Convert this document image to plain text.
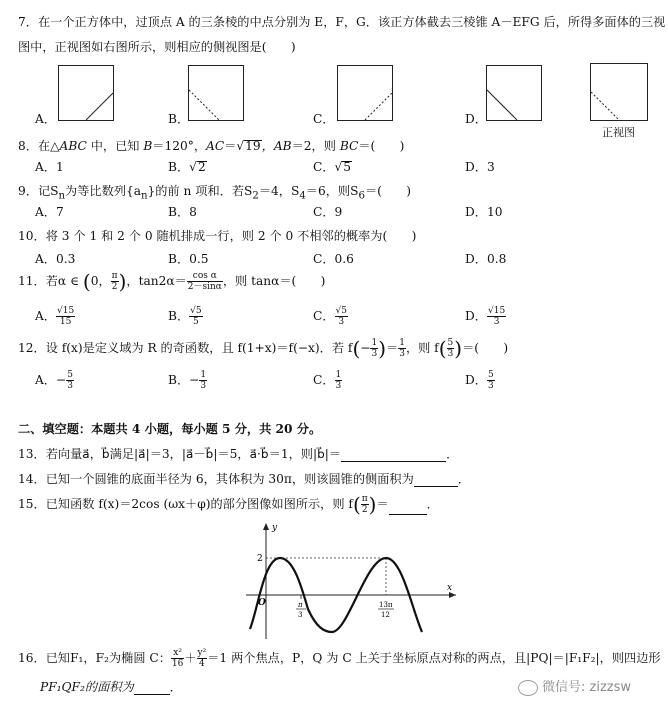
7．在一个正方体中，过顶点 A 的三条棱的中点分别为 E，F，G．该正方体截去三棱锥 A－EFG 后，所得多面体的三视
图中，正视图如右图所示，则相应的侧视图是(　　)
A．	B．	C．	D．
正视图
8．在△ABC 中，已知 B＝120°，AC＝√19，AB＝2，则 BC＝(　　)
A．1	B．√2	C．√5	D．3
9．记$S_n$为等比数列$\{a_n\}$的前 n 项和．若$S_2=4$，$S_4=6$，则$S_6=$(　　)
A．7	B．8	C．9	D．10
10．将 3 个 1 和 2 个 0 随机排成一行，则 2 个 0 不相邻的概率为(　　)
A．0.3	B．0.5	C．0.6	D．0.8
11．若α ∈ (0， $\frac{\pi}{2}$ )，$\tan 2\alpha= \frac{\text{cos α}}{2-\sin\alpha}$ ，则 tanα＝(　　)
A． $\frac{√15}{15}$	B． $\frac{√5}{5}$	C． $\frac{√5}{3}$	D． $\frac{√15}{3}$
12．设 f(x)是定义域为 R 的奇函数，且 f(1+x)＝f(−x)．若 $f(- \frac{1}{3}$ )＝ $\frac{1}{3}$ ，则 $f( \frac{5}{3}$ )＝(　　)
A．− $\frac{5}{3}$	B．− $\frac{1}{3}$	C． $\frac{1}{3}$	D． $\frac{5}{3}$
二、填空题：本题共 4 小题，每小题 5 分，共 20 分。
13．若向量a⃗，b⃗满足|a⃗|＝3，|a⃗－b⃗|＝5，a⃗·b⃗＝1，则|b⃗|＝	．
14．已知一个圆锥的底面半径为 6，其体积为 30π，则该圆锥的侧面积为	．
15．已知函数 f(x)＝2cos (ωx＋φ)的部分图像如图所示，则 $f( \frac{\pi}{2}$ )＝	．
y
x
O
2
π
3
13π
12
16．已知F₁，F₂为椭圆 C： $\frac{\text{x²}}{16} + \frac{\text{y²}}{4} =1$ 两个焦点，P，Q 为 C 上关于坐标原点对称的两点，且|PQ|＝|F₁F₂|，则四边形
PF₁QF₂的面积为	．	微信号: zizzsw
